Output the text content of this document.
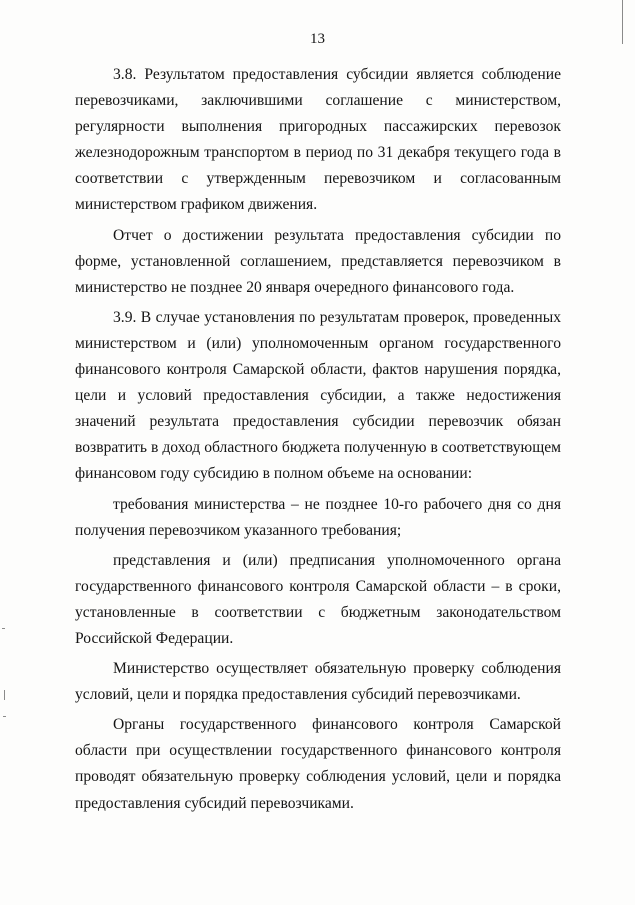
13

3.8. Результатом предоставления субсидии является соблюдение перевозчиками, заключившими соглашение с министерством, регулярности выполнения пригородных пассажирских перевозок железнодорожным транспортом в период по 31 декабря текущего года в соответствии с утвержденным перевозчиком и согласованным министерством графиком движения.

Отчет о достижении результата предоставления субсидии по форме, установленной соглашением, представляется перевозчиком в министерство не позднее 20 января очередного финансового года.

3.9. В случае установления по результатам проверок, проведенных министерством и (или) уполномоченным органом государственного финансового контроля Самарской области, фактов нарушения порядка, цели и условий предоставления субсидии, а также недостижения значений результата предоставления субсидии перевозчик обязан возвратить в доход областного бюджета полученную в соответствующем финансовом году субсидию в полном объеме на основании:

требования министерства – не позднее 10-го рабочего дня со дня получения перевозчиком указанного требования;

представления и (или) предписания уполномоченного органа государственного финансового контроля Самарской области – в сроки, установленные в соответствии с бюджетным законодательством Российской Федерации.

Министерство осуществляет обязательную проверку соблюдения условий, цели и порядка предоставления субсидий перевозчиками.

Органы государственного финансового контроля Самарской области при осуществлении государственного финансового контроля проводят обязательную проверку соблюдения условий, цели и порядка предоставления субсидий перевозчиками.
